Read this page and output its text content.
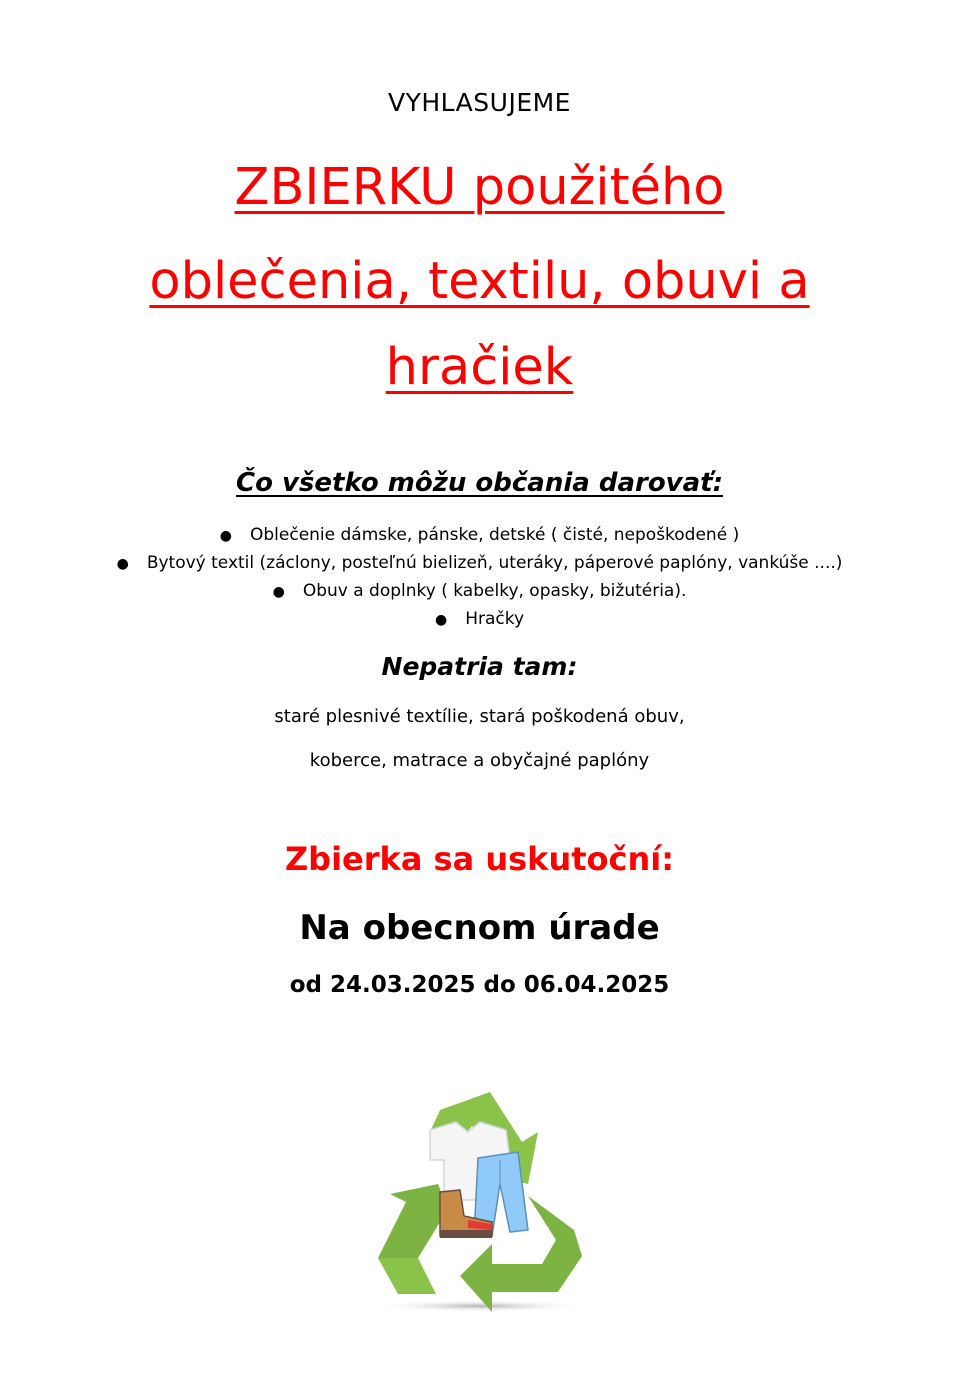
VYHLASUJEME
ZBIERKU použitého
oblečenia, textilu, obuvi a
hračiek
Čo všetko môžu občania darovať:
● Oblečenie dámske, pánske, detské ( čisté, nepoškodené )
● Bytový textil (záclony, posteľnú bielizeň, uteráky, páperové paplóny, vankúše ....)
● Obuv a doplnky ( kabelky, opasky, bižutéria).
● Hračky
Nepatria tam:
staré plesnivé textílie, stará poškodená obuv,
koberce, matrace a obyčajné paplóny
Zbierka sa uskutoční:
Na obecnom úrade
od 24.03.2025 do 06.04.2025
